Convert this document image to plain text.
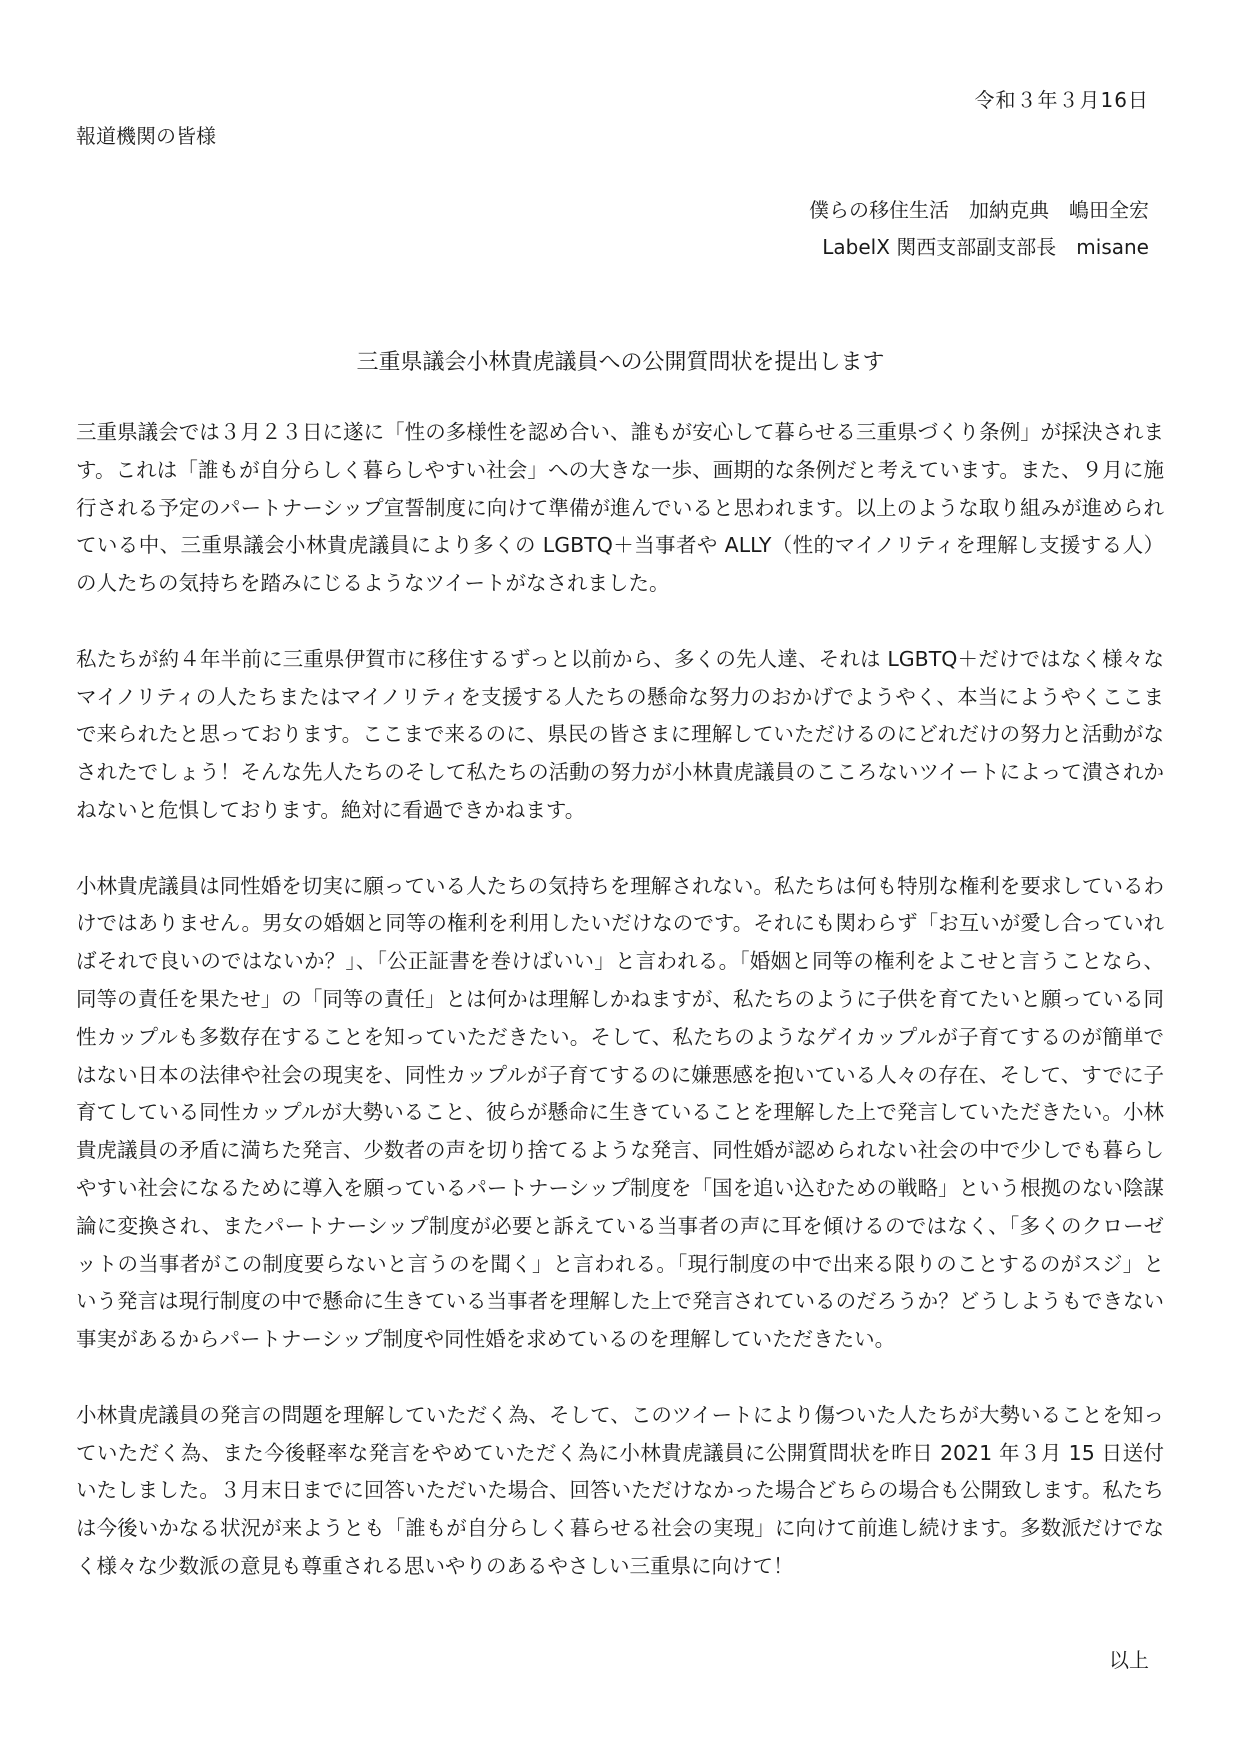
令和３年３月16日
報道機関の皆様
僕らの移住生活　加納克典　嶋田全宏
LabelX 関西支部副支部長　misane
三重県議会小林貴虎議員への公開質問状を提出します

三重県議会では３月２３日に遂に「性の多様性を認め合い、誰もが安心して暮らせる三重県づくり条例」が採決されます。これは「誰もが自分らしく暮らしやすい社会」への大きな一歩、画期的な条例だと考えています。また、９月に施行される予定のパートナーシップ宣誓制度に向けて準備が進んでいると思われます。以上のような取り組みが進められている中、三重県議会小林貴虎議員により多くの LGBTQ＋当事者や ALLY（性的マイノリティを理解し支援する人）の人たちの気持ちを踏みにじるようなツイートがなされました。

私たちが約４年半前に三重県伊賀市に移住するずっと以前から、多くの先人達、それは LGBTQ＋だけではなく様々なマイノリティの人たちまたはマイノリティを支援する人たちの懸命な努力のおかげでようやく、本当にようやくここまで来られたと思っております。ここまで来るのに、県民の皆さまに理解していただけるのにどれだけの努力と活動がなされたでしょう！そんな先人たちのそして私たちの活動の努力が小林貴虎議員のこころないツイートによって潰されかねないと危惧しております。絶対に看過できかねます。

小林貴虎議員は同性婚を切実に願っている人たちの気持ちを理解されない。私たちは何も特別な権利を要求しているわけではありません。男女の婚姻と同等の権利を利用したいだけなのです。それにも関わらず「お互いが愛し合っていればそれで良いのではないか？」、「公正証書を巻けばいい」と言われる。「婚姻と同等の権利をよこせと言うことなら、同等の責任を果たせ」の「同等の責任」とは何かは理解しかねますが、私たちのように子供を育てたいと願っている同性カップルも多数存在することを知っていただきたい。そして、私たちのようなゲイカップルが子育てするのが簡単ではない日本の法律や社会の現実を、同性カップルが子育てするのに嫌悪感を抱いている人々の存在、そして、すでに子育てしている同性カップルが大勢いること、彼らが懸命に生きていることを理解した上で発言していただきたい。小林貴虎議員の矛盾に満ちた発言、少数者の声を切り捨てるような発言、同性婚が認められない社会の中で少しでも暮らしやすい社会になるために導入を願っているパートナーシップ制度を「国を追い込むための戦略」という根拠のない陰謀論に変換され、またパートナーシップ制度が必要と訴えている当事者の声に耳を傾けるのではなく、「多くのクローゼットの当事者がこの制度要らないと言うのを聞く」と言われる。「現行制度の中で出来る限りのことするのがスジ」という発言は現行制度の中で懸命に生きている当事者を理解した上で発言されているのだろうか？どうしようもできない事実があるからパートナーシップ制度や同性婚を求めているのを理解していただきたい。

小林貴虎議員の発言の問題を理解していただく為、そして、このツイートにより傷ついた人たちが大勢いることを知っていただく為、また今後軽率な発言をやめていただく為に小林貴虎議員に公開質問状を昨日 2021 年３月 15 日送付いたしました。３月末日までに回答いただいた場合、回答いただけなかった場合どちらの場合も公開致します。私たちは今後いかなる状況が来ようとも「誰もが自分らしく暮らせる社会の実現」に向けて前進し続けます。多数派だけでなく様々な少数派の意見も尊重される思いやりのあるやさしい三重県に向けて！

以上
